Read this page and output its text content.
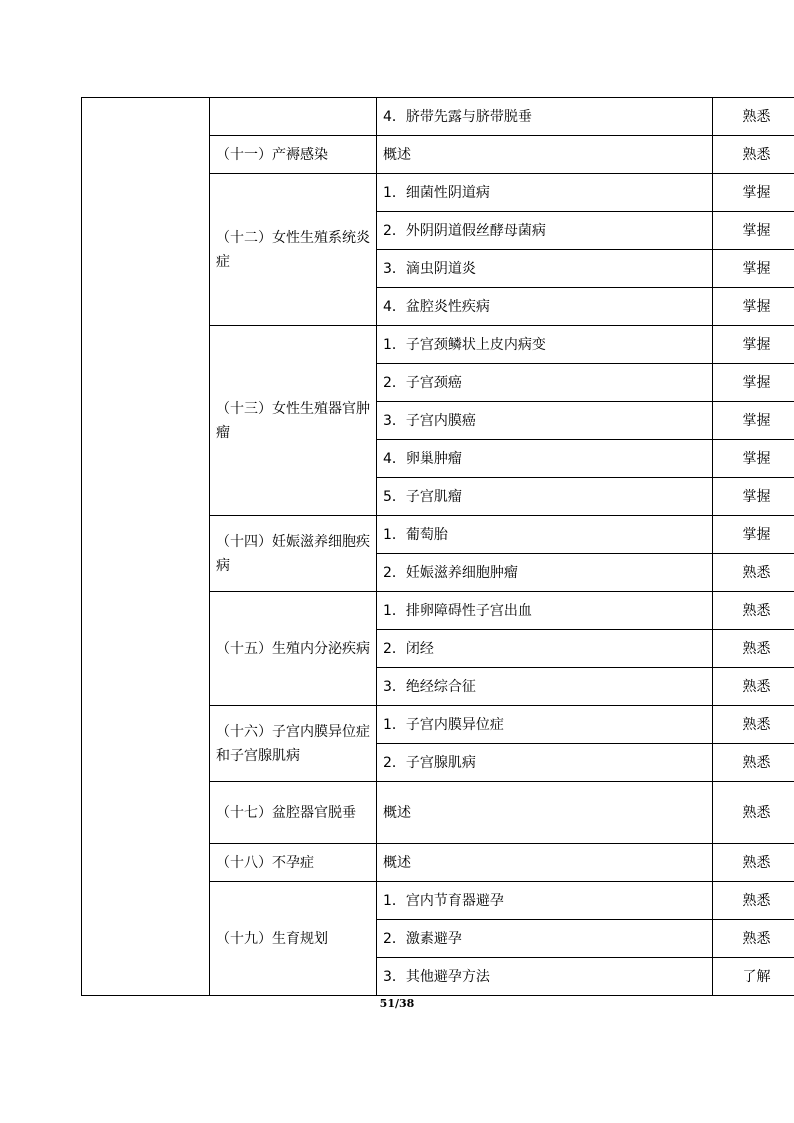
		4．脐带先露与脐带脱垂	熟悉
	（十一）产褥感染	概述	熟悉
	（十二）女性生殖系统炎症	1．细菌性阴道病	掌握
		2．外阴阴道假丝酵母菌病	掌握
		3．滴虫阴道炎	掌握
		4．盆腔炎性疾病	掌握
	（十三）女性生殖器官肿瘤	1．子宫颈鳞状上皮内病变	掌握
		2．子宫颈癌	掌握
		3．子宫内膜癌	掌握
		4．卵巢肿瘤	掌握
		5．子宫肌瘤	掌握
	（十四）妊娠滋养细胞疾病	1．葡萄胎	掌握
		2．妊娠滋养细胞肿瘤	熟悉
	（十五）生殖内分泌疾病	1．排卵障碍性子宫出血	熟悉
		2．闭经	熟悉
		3．绝经综合征	熟悉
	（十六）子宫内膜异位症和子宫腺肌病	1．子宫内膜异位症	熟悉
		2．子宫腺肌病	熟悉
	（十七）盆腔器官脱垂	概述	熟悉
	（十八）不孕症	概述	熟悉
	（十九）生育规划	1．宫内节育器避孕	熟悉
		2．激素避孕	熟悉
		3．其他避孕方法	了解
51/38
